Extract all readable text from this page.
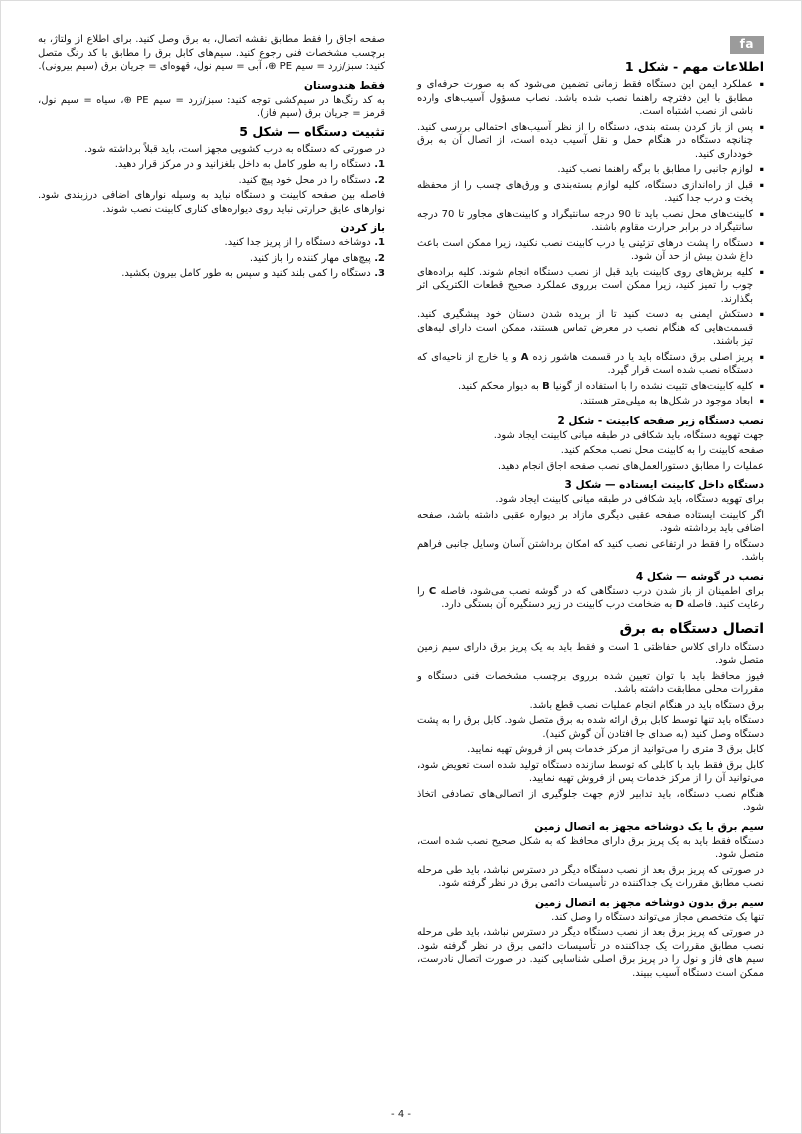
fa
اطلاعات مهم - شکل 1
▪
عملکرد ایمن این دستگاه فقط زمانی تضمین می‌شود که به صورت حرفه‌ای و مطابق با این دفترچه راهنما نصب شده باشد. نصاب مسؤول آسیب‌های وارده ناشی از نصب اشتباه است.
▪
پس از باز کردن بسته بندی، دستگاه را از نظر آسیب‌های احتمالی بررسی کنید. چنانچه دستگاه در هنگام حمل و نقل آسیب دیده است، از اتصال آن به برق خودداری کنید.
▪
لوازم جانبی را مطابق با برگه راهنما نصب کنید.
▪
قبل از راه‌اندازی دستگاه، کلیه لوازم بسته‌بندی و ورق‌های چسب را از محفظه پخت و درب جدا کنید.
▪
کابینت‌های محل نصب باید تا 90 درجه سانتیگراد و کابینت‌های مجاور تا 70 درجه سانتیگراد در برابر حرارت مقاوم باشند.
▪
دستگاه را پشت درهای تزئینی یا درب کابینت نصب نکنید، زیرا ممکن است باعث داغ شدن بیش از حد آن شود.
▪
کلیه برش‌های روی کابینت باید قبل از نصب دستگاه انجام شوند. کلیه براده‌های چوب را تمیز کنید، زیرا ممکن است برروی عملکرد صحیح قطعات الکتریکی اثر بگذارند.
▪
دستکش ایمنی به دست کنید تا از بریده شدن دستان خود پیشگیری کنید. قسمت‌هایی که هنگام نصب در معرض تماس هستند، ممکن است دارای لبه‌های تیز باشند.
▪
پریز اصلی برق دستگاه باید یا در قسمت هاشور زده A و یا خارج از ناحیه‌ای که دستگاه نصب شده است قرار گیرد.
▪
کلیه کابینت‌های تثبیت نشده را با استفاده از گونیا B به دیوار محکم کنید.
▪
ابعاد موجود در شکل‌ها به میلی‌متر هستند.
نصب دستگاه زیر صفحه کابینت - شکل 2
جهت تهویه دستگاه، باید شکافی در طبقه میانی کابینت ایجاد شود.
صفحه کابینت را به کابینت محل نصب محکم کنید.
عملیات را مطابق دستورالعمل‌های نصب صفحه اجاق انجام دهید.
دستگاه داخل کابینت ایستاده — شکل 3
برای تهویه دستگاه، باید شکافی در طبقه میانی کابینت ایجاد شود.
اگر کابینت ایستاده صفحه عقبی دیگری مازاد بر دیواره عقبی داشته باشد، صفحه اضافی باید برداشته شود.
دستگاه را فقط در ارتفاعی نصب کنید که امکان برداشتن آسان وسایل جانبی فراهم باشد.
نصب در گوشه — شکل 4
برای اطمینان از باز شدن درب دستگاهی که در گوشه نصب می‌شود، فاصله C را رعایت کنید. فاصله D به ضخامت درب کابینت در زیر دستگیره آن بستگی دارد.
اتصال دستگاه به برق
دستگاه دارای کلاس حفاظتی 1 است و فقط باید به یک پریز برق دارای سیم زمین متصل شود.
فیوز محافظ باید با توان تعیین شده برروی برچسب مشخصات فنی دستگاه و مقررات محلی مطابقت داشته باشد.
برق دستگاه باید در هنگام انجام عملیات نصب قطع باشد.
دستگاه باید تنها توسط کابل برق ارائه شده به برق متصل شود. کابل برق را به پشت دستگاه وصل کنید (به صدای جا افتادن آن گوش کنید).
کابل برق 3 متری را می‌توانید از مرکز خدمات پس از فروش تهیه نمایید.
کابل برق فقط باید با کابلی که توسط سازنده دستگاه تولید شده است تعویض شود، می‌توانید آن را از مرکز خدمات پس از فروش تهیه نمایید.
هنگام نصب دستگاه، باید تدابیر لازم جهت جلوگیری از اتصالی‌های تصادفی اتخاذ شود.
سیم برق با یک دوشاخه مجهز به اتصال زمین
دستگاه فقط باید به یک پریز برق دارای محافظ که به شکل صحیح نصب شده است، متصل شود.
در صورتی که پریز برق بعد از نصب دستگاه دیگر در دسترس نباشد، باید طی مرحله نصب مطابق مقررات یک جداکننده در تأسیسات دائمی برق در نظر گرفته شود.
سیم برق بدون دوشاخه مجهز به اتصال زمین
تنها یک متخصص مجاز می‌تواند دستگاه را وصل کند.
در صورتی که پریز برق بعد از نصب دستگاه دیگر در دسترس نباشد، باید طی مرحله نصب مطابق مقررات یک جداکننده در تأسیسات دائمی برق در نظر گرفته شود. سیم های فاز و نول را در پریز برق اصلی شناسایی کنید. در صورت اتصال نادرست، ممکن است دستگاه آسیب ببیند.
صفحه اجاق را فقط مطابق نقشه اتصال، به برق وصل کنید. برای اطلاع از ولتاژ، به برچسب مشخصات فنی رجوع کنید. سیم‌های کابل برق را مطابق با کد رنگ متصل کنید: سبز/زرد = سیم PE ⊕، آبی = سیم نول، قهوه‌ای = جریان برق (سیم بیرونی).
فقط هندوستان
به کد رنگ‌ها در سیم‌کشی توجه کنید: سبز/زرد = سیم PE ⊕، سیاه = سیم نول، قرمز = جریان برق (سیم فاز).
تثبیت دستگاه — شکل 5
در صورتی که دستگاه به درب کشویی مجهز است، باید قبلاً برداشته شود.
1. دستگاه را به طور کامل به داخل بلغزانید و در مرکز قرار دهید.
2. دستگاه را در محل خود پیچ کنید.
فاصله بین صفحه کابینت و دستگاه نباید به وسیله نوارهای اضافی درزبندی شود. نوارهای عایق حرارتی نباید روی دیواره‌های کناری کابینت نصب شوند.
باز کردن
1. دوشاخه دستگاه را از پریز جدا کنید.
2. پیچ‌های مهار کننده را باز کنید.
3. دستگاه را کمی بلند کنید و سپس به طور کامل بیرون بکشید.
- 4 -
